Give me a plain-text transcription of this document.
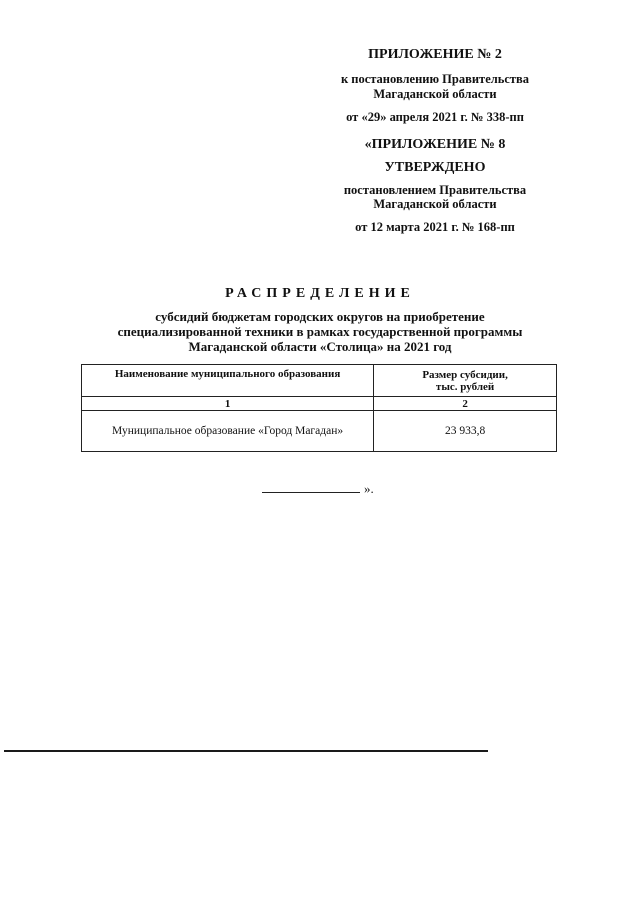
ПРИЛОЖЕНИЕ № 2
к постановлению Правительства
Магаданской области
от «29» апреля 2021 г. № 338-пп
«ПРИЛОЖЕНИЕ № 8
УТВЕРЖДЕНО
постановлением Правительства
Магаданской области
от 12 марта 2021 г. № 168-пп
РАСПРЕДЕЛЕНИЕ
субсидий бюджетам городских округов на приобретение
специализированной техники в рамках государственной программы
Магаданской области «Столица» на 2021 год
Наименование муниципального образования	Размер субсидии,
тыс. рублей

1	2
Муниципальное образование «Город Магадан»	23 933,8
».
